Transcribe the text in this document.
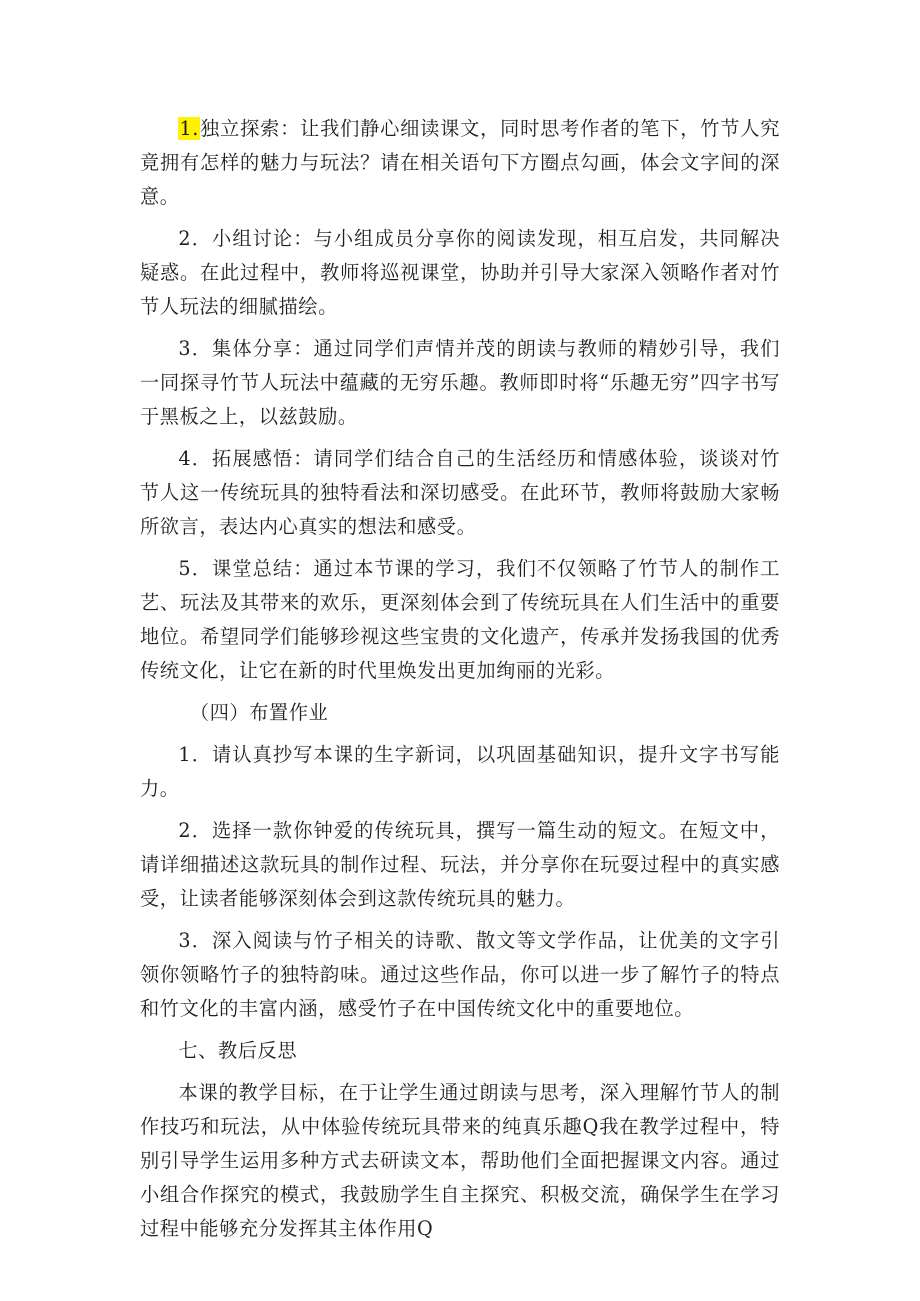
1.独立探索：让我们静心细读课文，同时思考作者的笔下，竹节人究竟拥有怎样的魅力与玩法？请在相关语句下方圈点勾画，体会文字间的深意。

2．小组讨论：与小组成员分享你的阅读发现，相互启发，共同解决疑惑。在此过程中，教师将巡视课堂，协助并引导大家深入领略作者对竹节人玩法的细腻描绘。

3．集体分享：通过同学们声情并茂的朗读与教师的精妙引导，我们一同探寻竹节人玩法中蕴藏的无穷乐趣。教师即时将“乐趣无穷”四字书写于黑板之上，以兹鼓励。

4．拓展感悟：请同学们结合自己的生活经历和情感体验，谈谈对竹节人这一传统玩具的独特看法和深切感受。在此环节，教师将鼓励大家畅所欲言，表达内心真实的想法和感受。

5．课堂总结：通过本节课的学习，我们不仅领略了竹节人的制作工艺、玩法及其带来的欢乐，更深刻体会到了传统玩具在人们生活中的重要地位。希望同学们能够珍视这些宝贵的文化遗产，传承并发扬我国的优秀传统文化，让它在新的时代里焕发出更加绚丽的光彩。

（四）布置作业

1．请认真抄写本课的生字新词，以巩固基础知识，提升文字书写能力。

2．选择一款你钟爱的传统玩具，撰写一篇生动的短文。在短文中，请详细描述这款玩具的制作过程、玩法，并分享你在玩耍过程中的真实感受，让读者能够深刻体会到这款传统玩具的魅力。

3．深入阅读与竹子相关的诗歌、散文等文学作品，让优美的文字引领你领略竹子的独特韵味。通过这些作品，你可以进一步了解竹子的特点和竹文化的丰富内涵，感受竹子在中国传统文化中的重要地位。

七、教后反思

本课的教学目标，在于让学生通过朗读与思考，深入理解竹节人的制作技巧和玩法，从中体验传统玩具带来的纯真乐趣Q我在教学过程中，特别引导学生运用多种方式去研读文本，帮助他们全面把握课文内容。通过小组合作探究的模式，我鼓励学生自主探究、积极交流，确保学生在学习过程中能够充分发挥其主体作用Q
